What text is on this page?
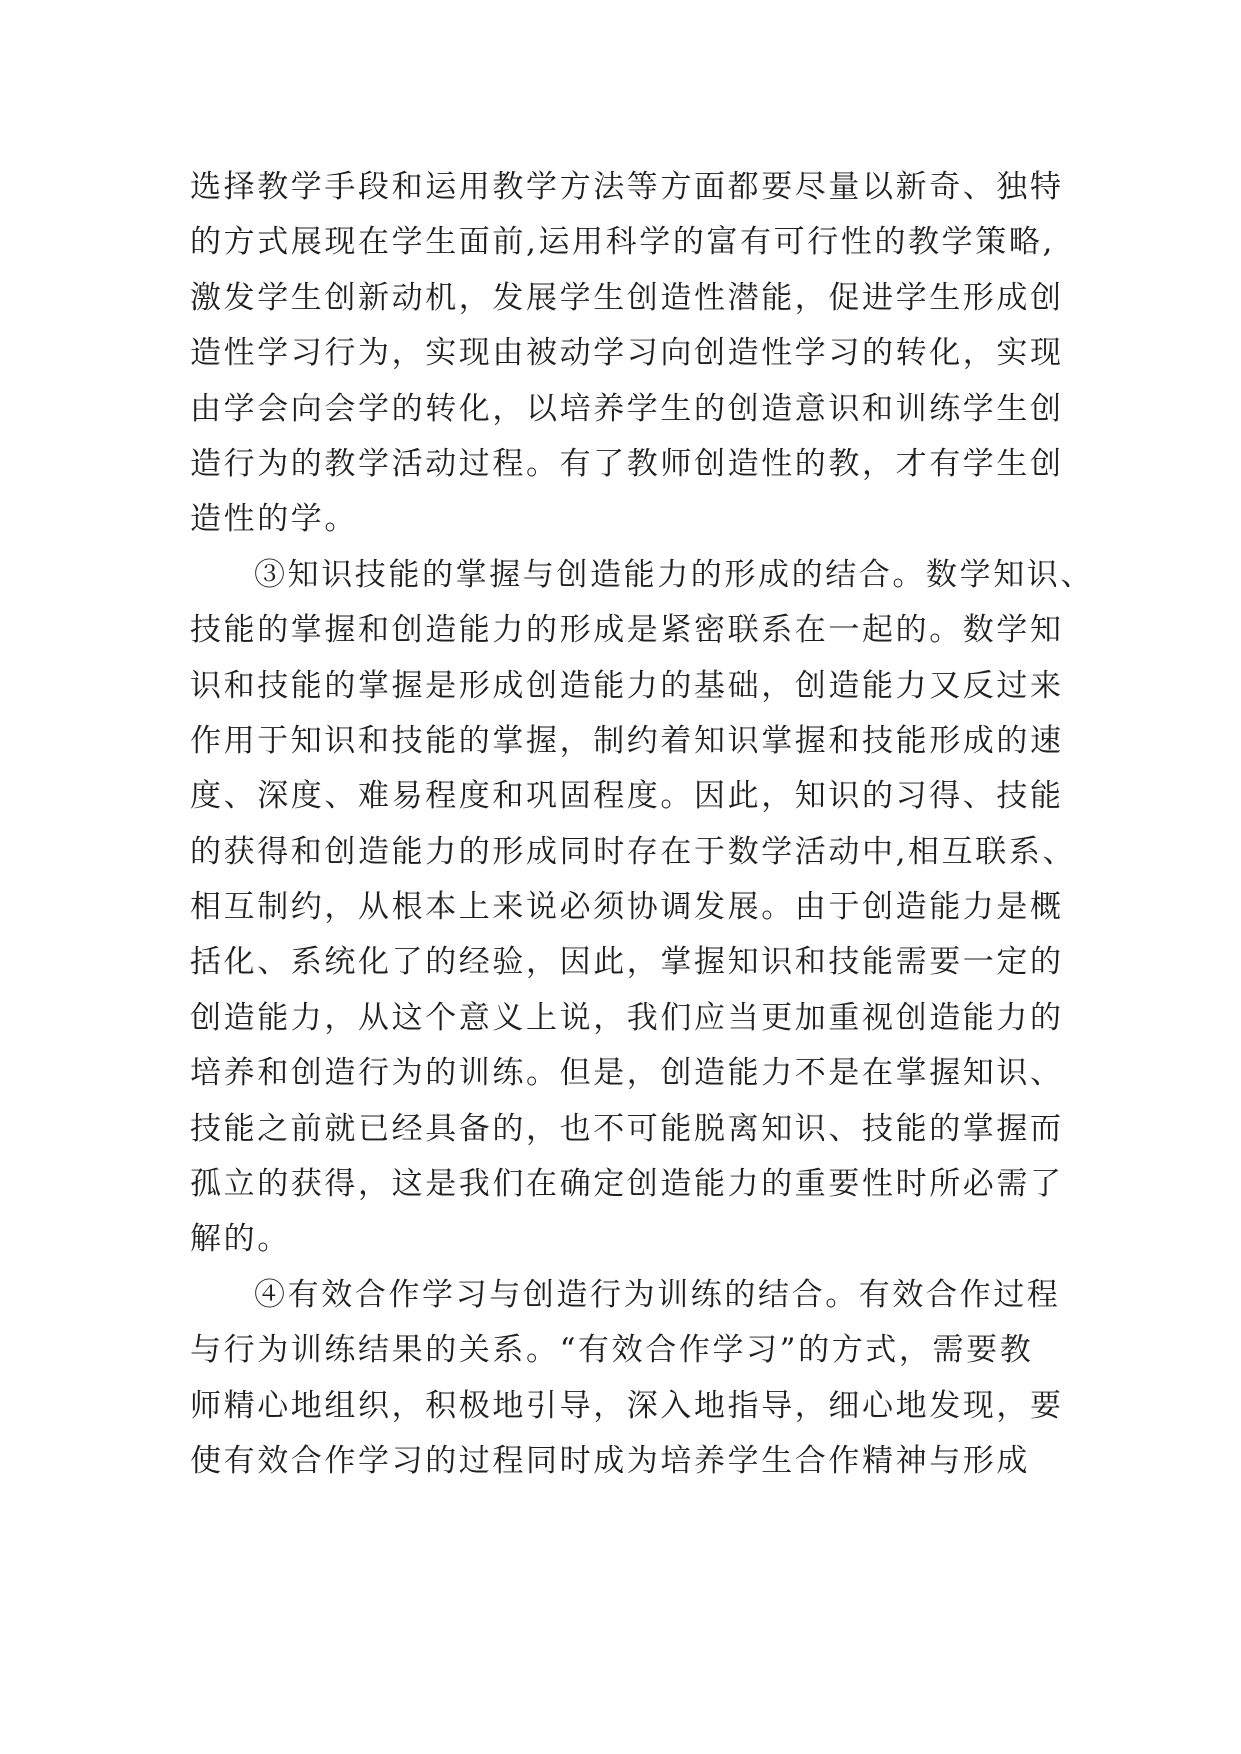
选择教学手段和运用教学方法等方面都要尽量以新奇、独特
的方式展现在学生面前,运用科学的富有可行性的教学策略,
激发学生创新动机，发展学生创造性潜能，促进学生形成创
造性学习行为，实现由被动学习向创造性学习的转化，实现
由学会向会学的转化，以培养学生的创造意识和训练学生创
造行为的教学活动过程。有了教师创造性的教，才有学生创
造性的学。
③知识技能的掌握与创造能力的形成的结合。数学知识、
技能的掌握和创造能力的形成是紧密联系在一起的。数学知
识和技能的掌握是形成创造能力的基础，创造能力又反过来
作用于知识和技能的掌握，制约着知识掌握和技能形成的速
度、深度、难易程度和巩固程度。因此，知识的习得、技能
的获得和创造能力的形成同时存在于数学活动中,相互联系、
相互制约，从根本上来说必须协调发展。由于创造能力是概
括化、系统化了的经验，因此，掌握知识和技能需要一定的
创造能力，从这个意义上说，我们应当更加重视创造能力的
培养和创造行为的训练。但是，创造能力不是在掌握知识、
技能之前就已经具备的，也不可能脱离知识、技能的掌握而
孤立的获得，这是我们在确定创造能力的重要性时所必需了
解的。
④有效合作学习与创造行为训练的结合。有效合作过程
与行为训练结果的关系。“有效合作学习”的方式，需要教
师精心地组织，积极地引导，深入地指导，细心地发现，要
使有效合作学习的过程同时成为培养学生合作精神与形成
